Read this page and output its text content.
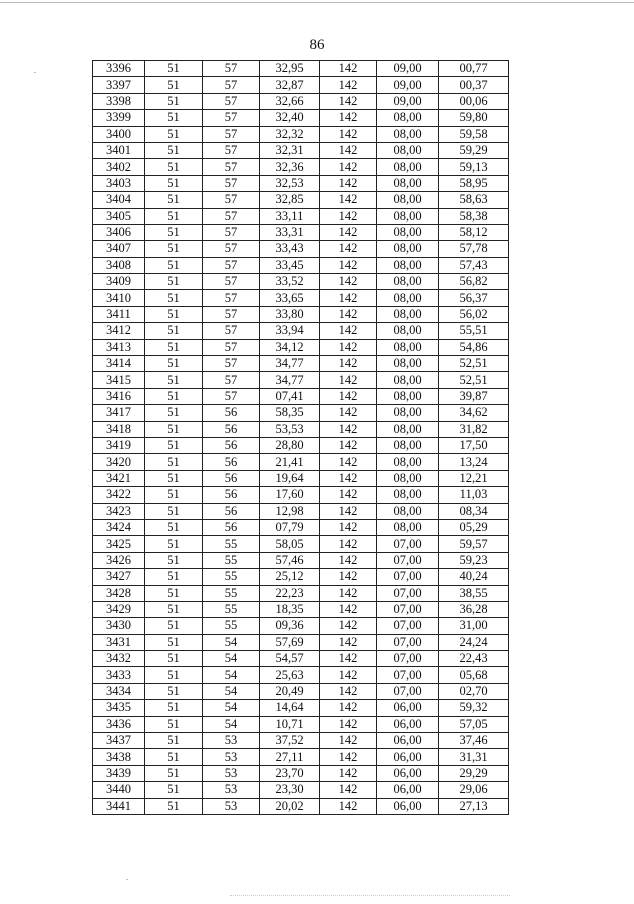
86
3396	51	57	32,95	142	09,00	00,77
3397	51	57	32,87	142	09,00	00,37
3398	51	57	32,66	142	09,00	00,06
3399	51	57	32,40	142	08,00	59,80
3400	51	57	32,32	142	08,00	59,58
3401	51	57	32,31	142	08,00	59,29
3402	51	57	32,36	142	08,00	59,13
3403	51	57	32,53	142	08,00	58,95
3404	51	57	32,85	142	08,00	58,63
3405	51	57	33,11	142	08,00	58,38
3406	51	57	33,31	142	08,00	58,12
3407	51	57	33,43	142	08,00	57,78
3408	51	57	33,45	142	08,00	57,43
3409	51	57	33,52	142	08,00	56,82
3410	51	57	33,65	142	08,00	56,37
3411	51	57	33,80	142	08,00	56,02
3412	51	57	33,94	142	08,00	55,51
3413	51	57	34,12	142	08,00	54,86
3414	51	57	34,77	142	08,00	52,51
3415	51	57	34,77	142	08,00	52,51
3416	51	57	07,41	142	08,00	39,87
3417	51	56	58,35	142	08,00	34,62
3418	51	56	53,53	142	08,00	31,82
3419	51	56	28,80	142	08,00	17,50
3420	51	56	21,41	142	08,00	13,24
3421	51	56	19,64	142	08,00	12,21
3422	51	56	17,60	142	08,00	11,03
3423	51	56	12,98	142	08,00	08,34
3424	51	56	07,79	142	08,00	05,29
3425	51	55	58,05	142	07,00	59,57
3426	51	55	57,46	142	07,00	59,23
3427	51	55	25,12	142	07,00	40,24
3428	51	55	22,23	142	07,00	38,55
3429	51	55	18,35	142	07,00	36,28
3430	51	55	09,36	142	07,00	31,00
3431	51	54	57,69	142	07,00	24,24
3432	51	54	54,57	142	07,00	22,43
3433	51	54	25,63	142	07,00	05,68
3434	51	54	20,49	142	07,00	02,70
3435	51	54	14,64	142	06,00	59,32
3436	51	54	10,71	142	06,00	57,05
3437	51	53	37,52	142	06,00	37,46
3438	51	53	27,11	142	06,00	31,31
3439	51	53	23,70	142	06,00	29,29
3440	51	53	23,30	142	06,00	29,06
3441	51	53	20,02	142	06,00	27,13
